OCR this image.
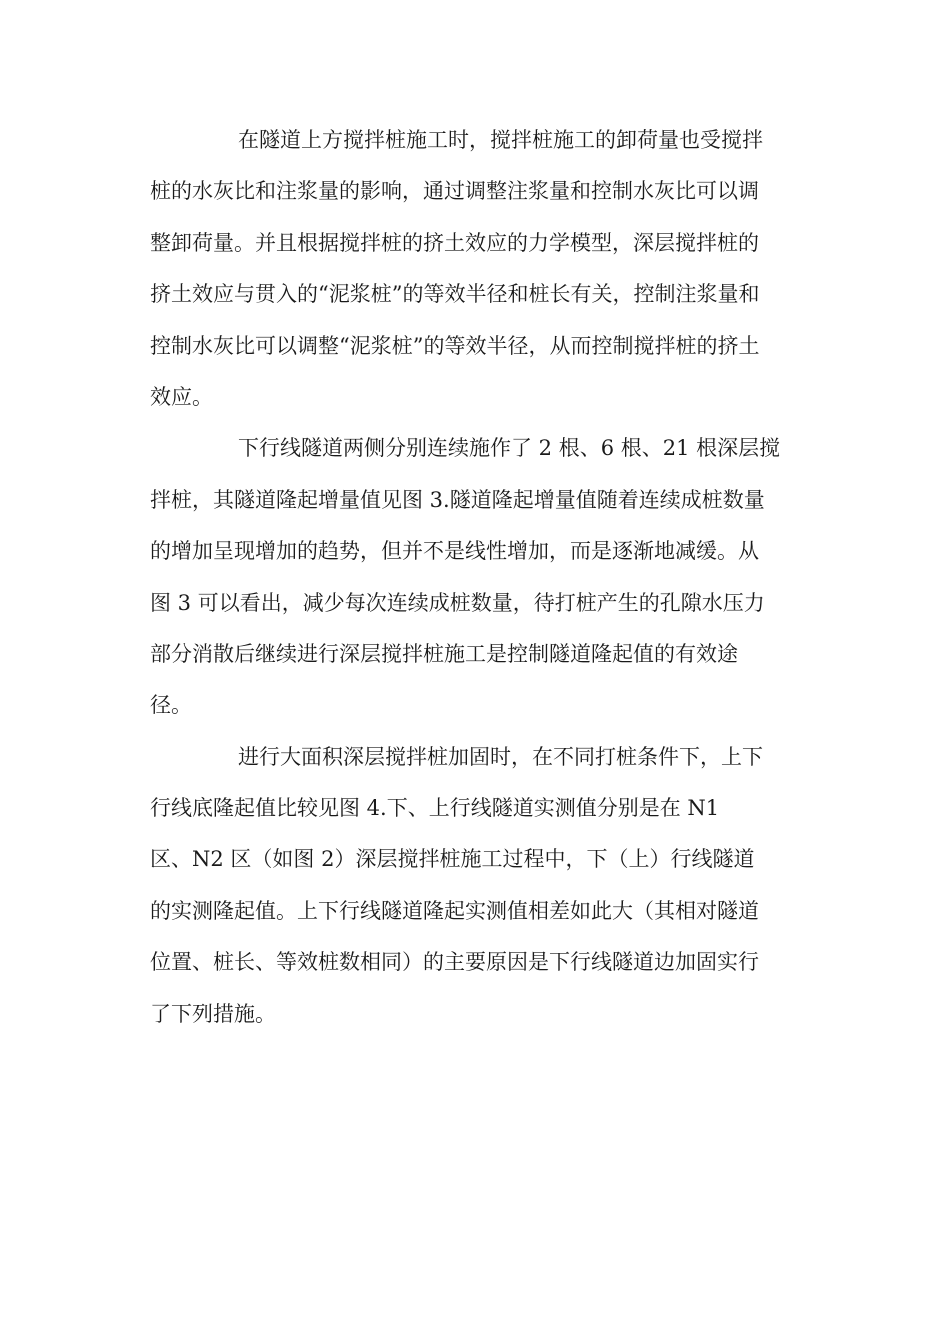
在隧道上方搅拌桩施工时，搅拌桩施工的卸荷量也受搅拌
桩的水灰比和注浆量的影响，通过调整注浆量和控制水灰比可以调
整卸荷量。并且根据搅拌桩的挤土效应的力学模型，深层搅拌桩的
挤土效应与贯入的“泥浆桩”的等效半径和桩长有关，控制注浆量和
控制水灰比可以调整“泥浆桩”的等效半径，从而控制搅拌桩的挤土
效应。
下行线隧道两侧分别连续施作了 2 根、6 根、21 根深层搅
拌桩，其隧道隆起增量值见图 3.隧道隆起增量值随着连续成桩数量
的增加呈现增加的趋势，但并不是线性增加，而是逐渐地减缓。从
图 3 可以看出，减少每次连续成桩数量，待打桩产生的孔隙水压力
部分消散后继续进行深层搅拌桩施工是控制隧道隆起值的有效途
径。
进行大面积深层搅拌桩加固时，在不同打桩条件下，上下
行线底隆起值比较见图 4.下、上行线隧道实测值分别是在 N1
区、N2 区（如图 2）深层搅拌桩施工过程中，下（上）行线隧道
的实测隆起值。上下行线隧道隆起实测值相差如此大（其相对隧道
位置、桩长、等效桩数相同）的主要原因是下行线隧道边加固实行
了下列措施。
